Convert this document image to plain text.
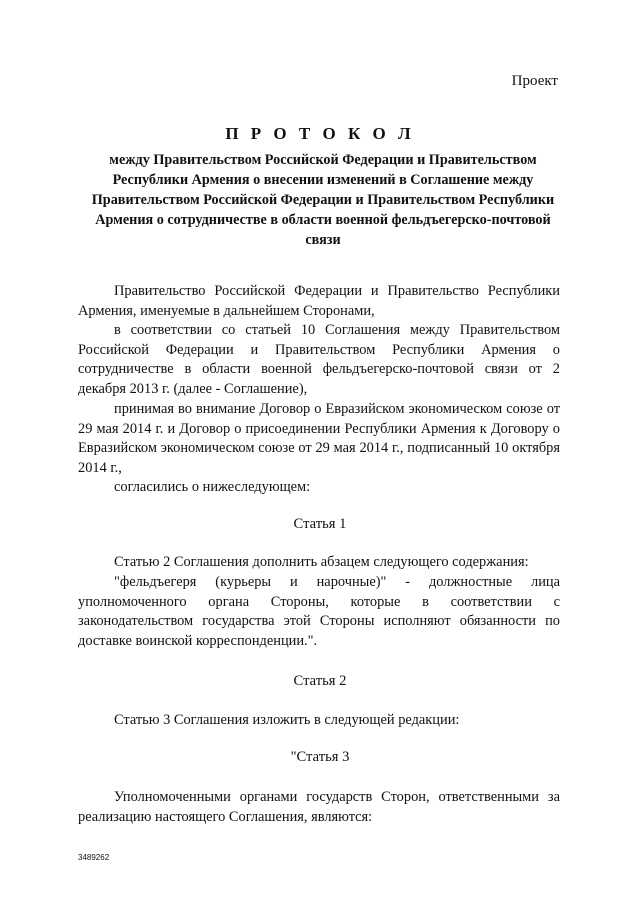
Проект
П Р О Т О К О Л
между Правительством Российской Федерации и Правительством Республики Армения о внесении изменений в Соглашение между Правительством Российской Федерации и Правительством Республики Армения о сотрудничестве в области военной фельдъегерско-почтовой связи
Правительство Российской Федерации и Правительство Республики Армения, именуемые в дальнейшем Сторонами,
в соответствии со статьей 10 Соглашения между Правительством Российской Федерации и Правительством Республики Армения о сотрудничестве в области военной фельдъегерско-почтовой связи от 2 декабря 2013 г. (далее - Соглашение),
принимая во внимание Договор о Евразийском экономическом союзе от 29 мая 2014 г. и Договор о присоединении Республики Армения к Договору о Евразийском экономическом союзе от 29 мая 2014 г., подписанный 10 октября 2014 г.,
согласились о нижеследующем:
Статья 1
Статью 2 Соглашения дополнить абзацем следующего содержания:
"фельдъегеря (курьеры и нарочные)" - должностные лица уполномоченного органа Стороны, которые в соответствии с законодательством государства этой Стороны исполняют обязанности по доставке воинской корреспонденции.".
Статья 2
Статью 3 Соглашения изложить в следующей редакции:
"Статья 3
Уполномоченными органами государств Сторон, ответственными за реализацию настоящего Соглашения, являются:
3489262
